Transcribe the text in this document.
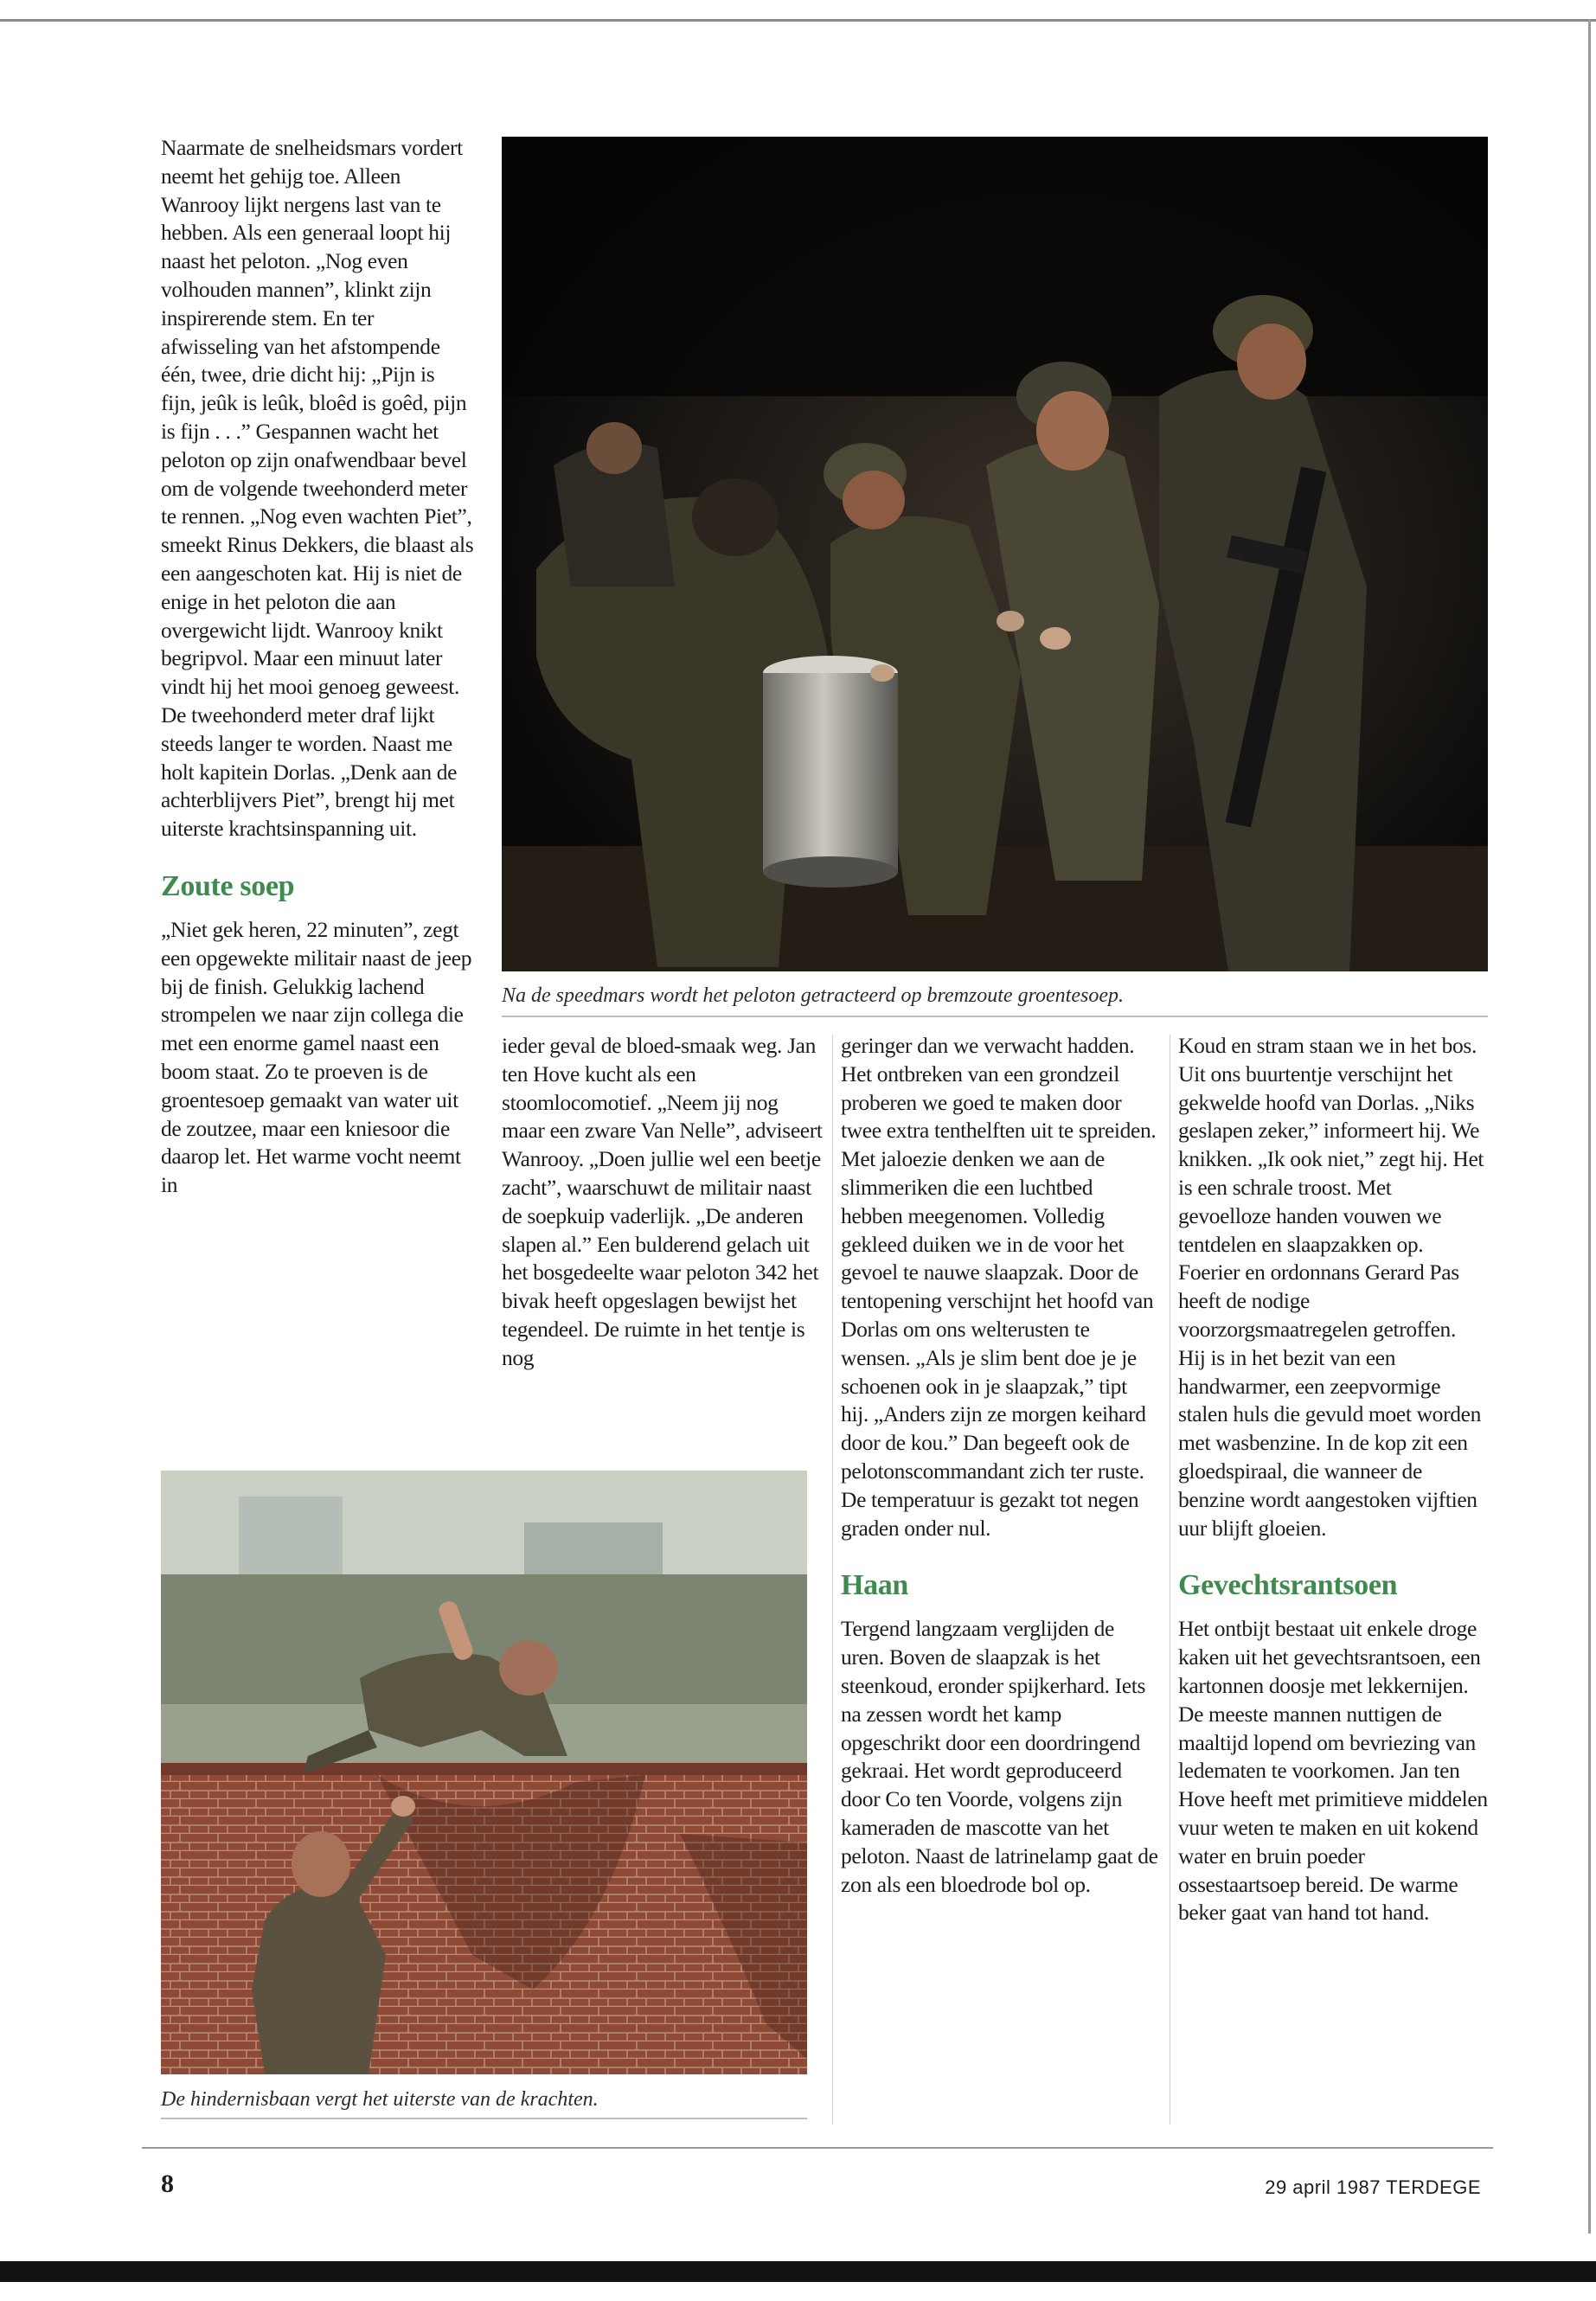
Naarmate de snelheidsmars vordert neemt het gehijg toe. Alleen Wanrooy lijkt nergens last van te hebben. Als een generaal loopt hij naast het peloton. „Nog even volhouden mannen”, klinkt zijn inspirerende stem. En ter afwisseling van het afstompende één, twee, drie dicht hij: „Pijn is fijn, jeûk is leûk, bloêd is goêd, pijn is fijn . . .” Gespannen wacht het peloton op zijn onafwendbaar bevel om de volgende tweehonderd meter te rennen. „Nog even wachten Piet”, smeekt Rinus Dekkers, die blaast als een aangeschoten kat. Hij is niet de enige in het peloton die aan overgewicht lijdt. Wanrooy knikt begripvol. Maar een minuut later vindt hij het mooi genoeg geweest. De tweehonderd meter draf lijkt steeds langer te worden. Naast me holt kapitein Dorlas. „Denk aan de achterblijvers Piet”, brengt hij met uiterste krachtsinspanning uit.

Zoute soep

„Niet gek heren, 22 minuten”, zegt een opgewekte militair naast de jeep bij de finish. Gelukkig lachend strompelen we naar zijn collega die met een enorme gamel naast een boom staat. Zo te proeven is de groentesoep gemaakt van water uit de zoutzee, maar een kniesoor die daarop let. Het warme vocht neemt in

Na de speedmars wordt het peloton getracteerd op bremzoute groentesoep.

ieder geval de bloed-smaak weg. Jan ten Hove kucht als een stoomlocomotief. „Neem jij nog maar een zware Van Nelle”, adviseert Wanrooy. „Doen jullie wel een beetje zacht”, waarschuwt de militair naast de soepkuip vaderlijk. „De anderen slapen al.” Een bulderend gelach uit het bosgedeelte waar peloton 342 het bivak heeft opgeslagen bewijst het tegendeel. De ruimte in het tentje is nog

geringer dan we verwacht hadden. Het ontbreken van een grondzeil proberen we goed te maken door twee extra tenthelften uit te spreiden. Met jaloezie denken we aan de slimmeriken die een luchtbed hebben meegenomen. Volledig gekleed duiken we in de voor het gevoel te nauwe slaapzak. Door de tentopening verschijnt het hoofd van Dorlas om ons welterusten te wensen. „Als je slim bent doe je je schoenen ook in je slaapzak,” tipt hij. „Anders zijn ze morgen keihard door de kou.” Dan begeeft ook de pelotonscommandant zich ter ruste. De temperatuur is gezakt tot negen graden onder nul.

Haan

Tergend langzaam verglijden de uren. Boven de slaapzak is het steenkoud, eronder spijkerhard. Iets na zessen wordt het kamp opgeschrikt door een doordringend gekraai. Het wordt geproduceerd door Co ten Voorde, volgens zijn kameraden de mascotte van het peloton. Naast de latrinelamp gaat de zon als een bloedrode bol op.

Koud en stram staan we in het bos. Uit ons buurtentje verschijnt het gekwelde hoofd van Dorlas. „Niks geslapen zeker,” informeert hij. We knikken. „Ik ook niet,” zegt hij. Het is een schrale troost. Met gevoelloze handen vouwen we tentdelen en slaapzakken op. Foerier en ordonnans Gerard Pas heeft de nodige voorzorgsmaatregelen getroffen. Hij is in het bezit van een handwarmer, een zeepvormige stalen huls die gevuld moet worden met wasbenzine. In de kop zit een gloedspiraal, die wanneer de benzine wordt aangestoken vijftien uur blijft gloeien.

Gevechtsrantsoen

Het ontbijt bestaat uit enkele droge kaken uit het gevechtsrantsoen, een kartonnen doosje met lekkernijen. De meeste mannen nuttigen de maaltijd lopend om bevriezing van ledematen te voorkomen. Jan ten Hove heeft met primitieve middelen vuur weten te maken en uit kokend water en bruin poeder ossestaartsoep bereid. De warme beker gaat van hand tot hand.

De hindernisbaan vergt het uiterste van de krachten.
8	29 april 1987 TERDEGE
